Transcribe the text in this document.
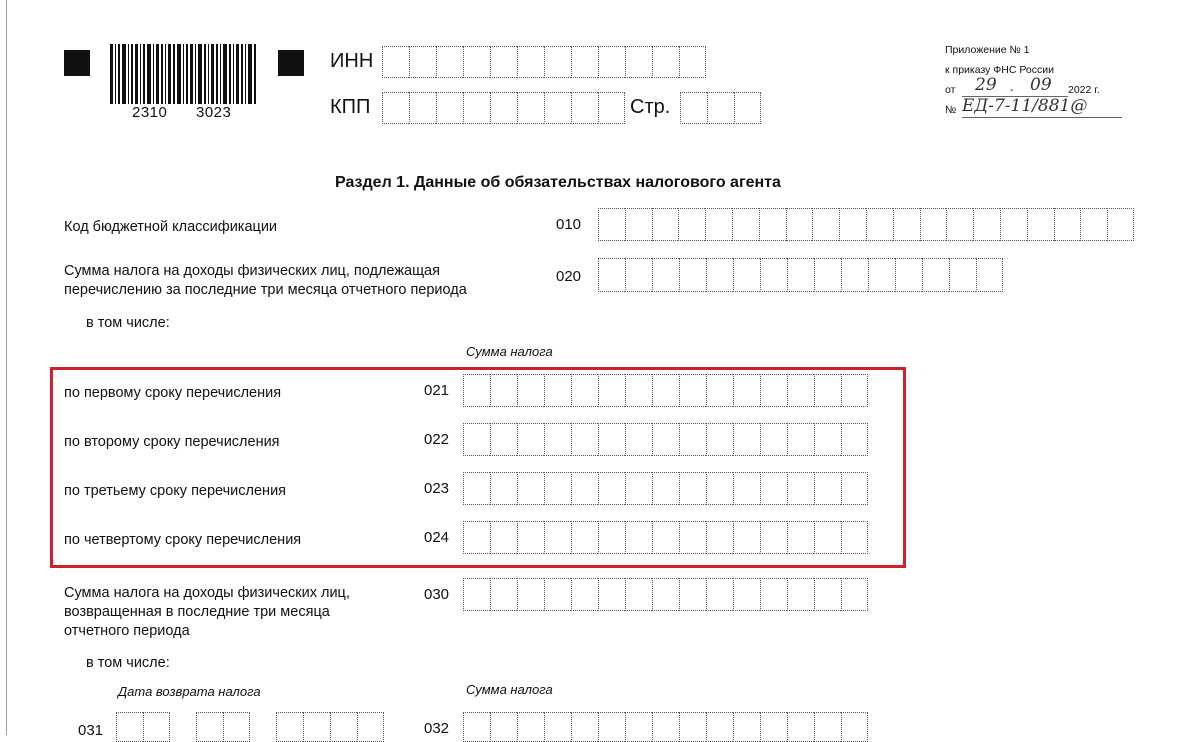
2310 3023
ИНН
КПП	Стр.
Приложение № 1
к приказу ФНС России
от 29 - 09 2022 г.
№ ЕД-7-11/881@
Раздел 1. Данные об обязательствах налогового агента
Код бюджетной классификации	010
Сумма налога на доходы физических лиц, подлежащая
перечислению за последние три месяца отчетного периода
020
в том числе:
Сумма налога
по первому сроку перечисления	021
по второму сроку перечисления	022
по третьему сроку перечисления	023
по четвертому сроку перечисления	024
Сумма налога на доходы физических лиц,
возвращенная в последние три месяца
отчетного периода
030
в том числе:
Дата возврата налога	Сумма налога
031	032
